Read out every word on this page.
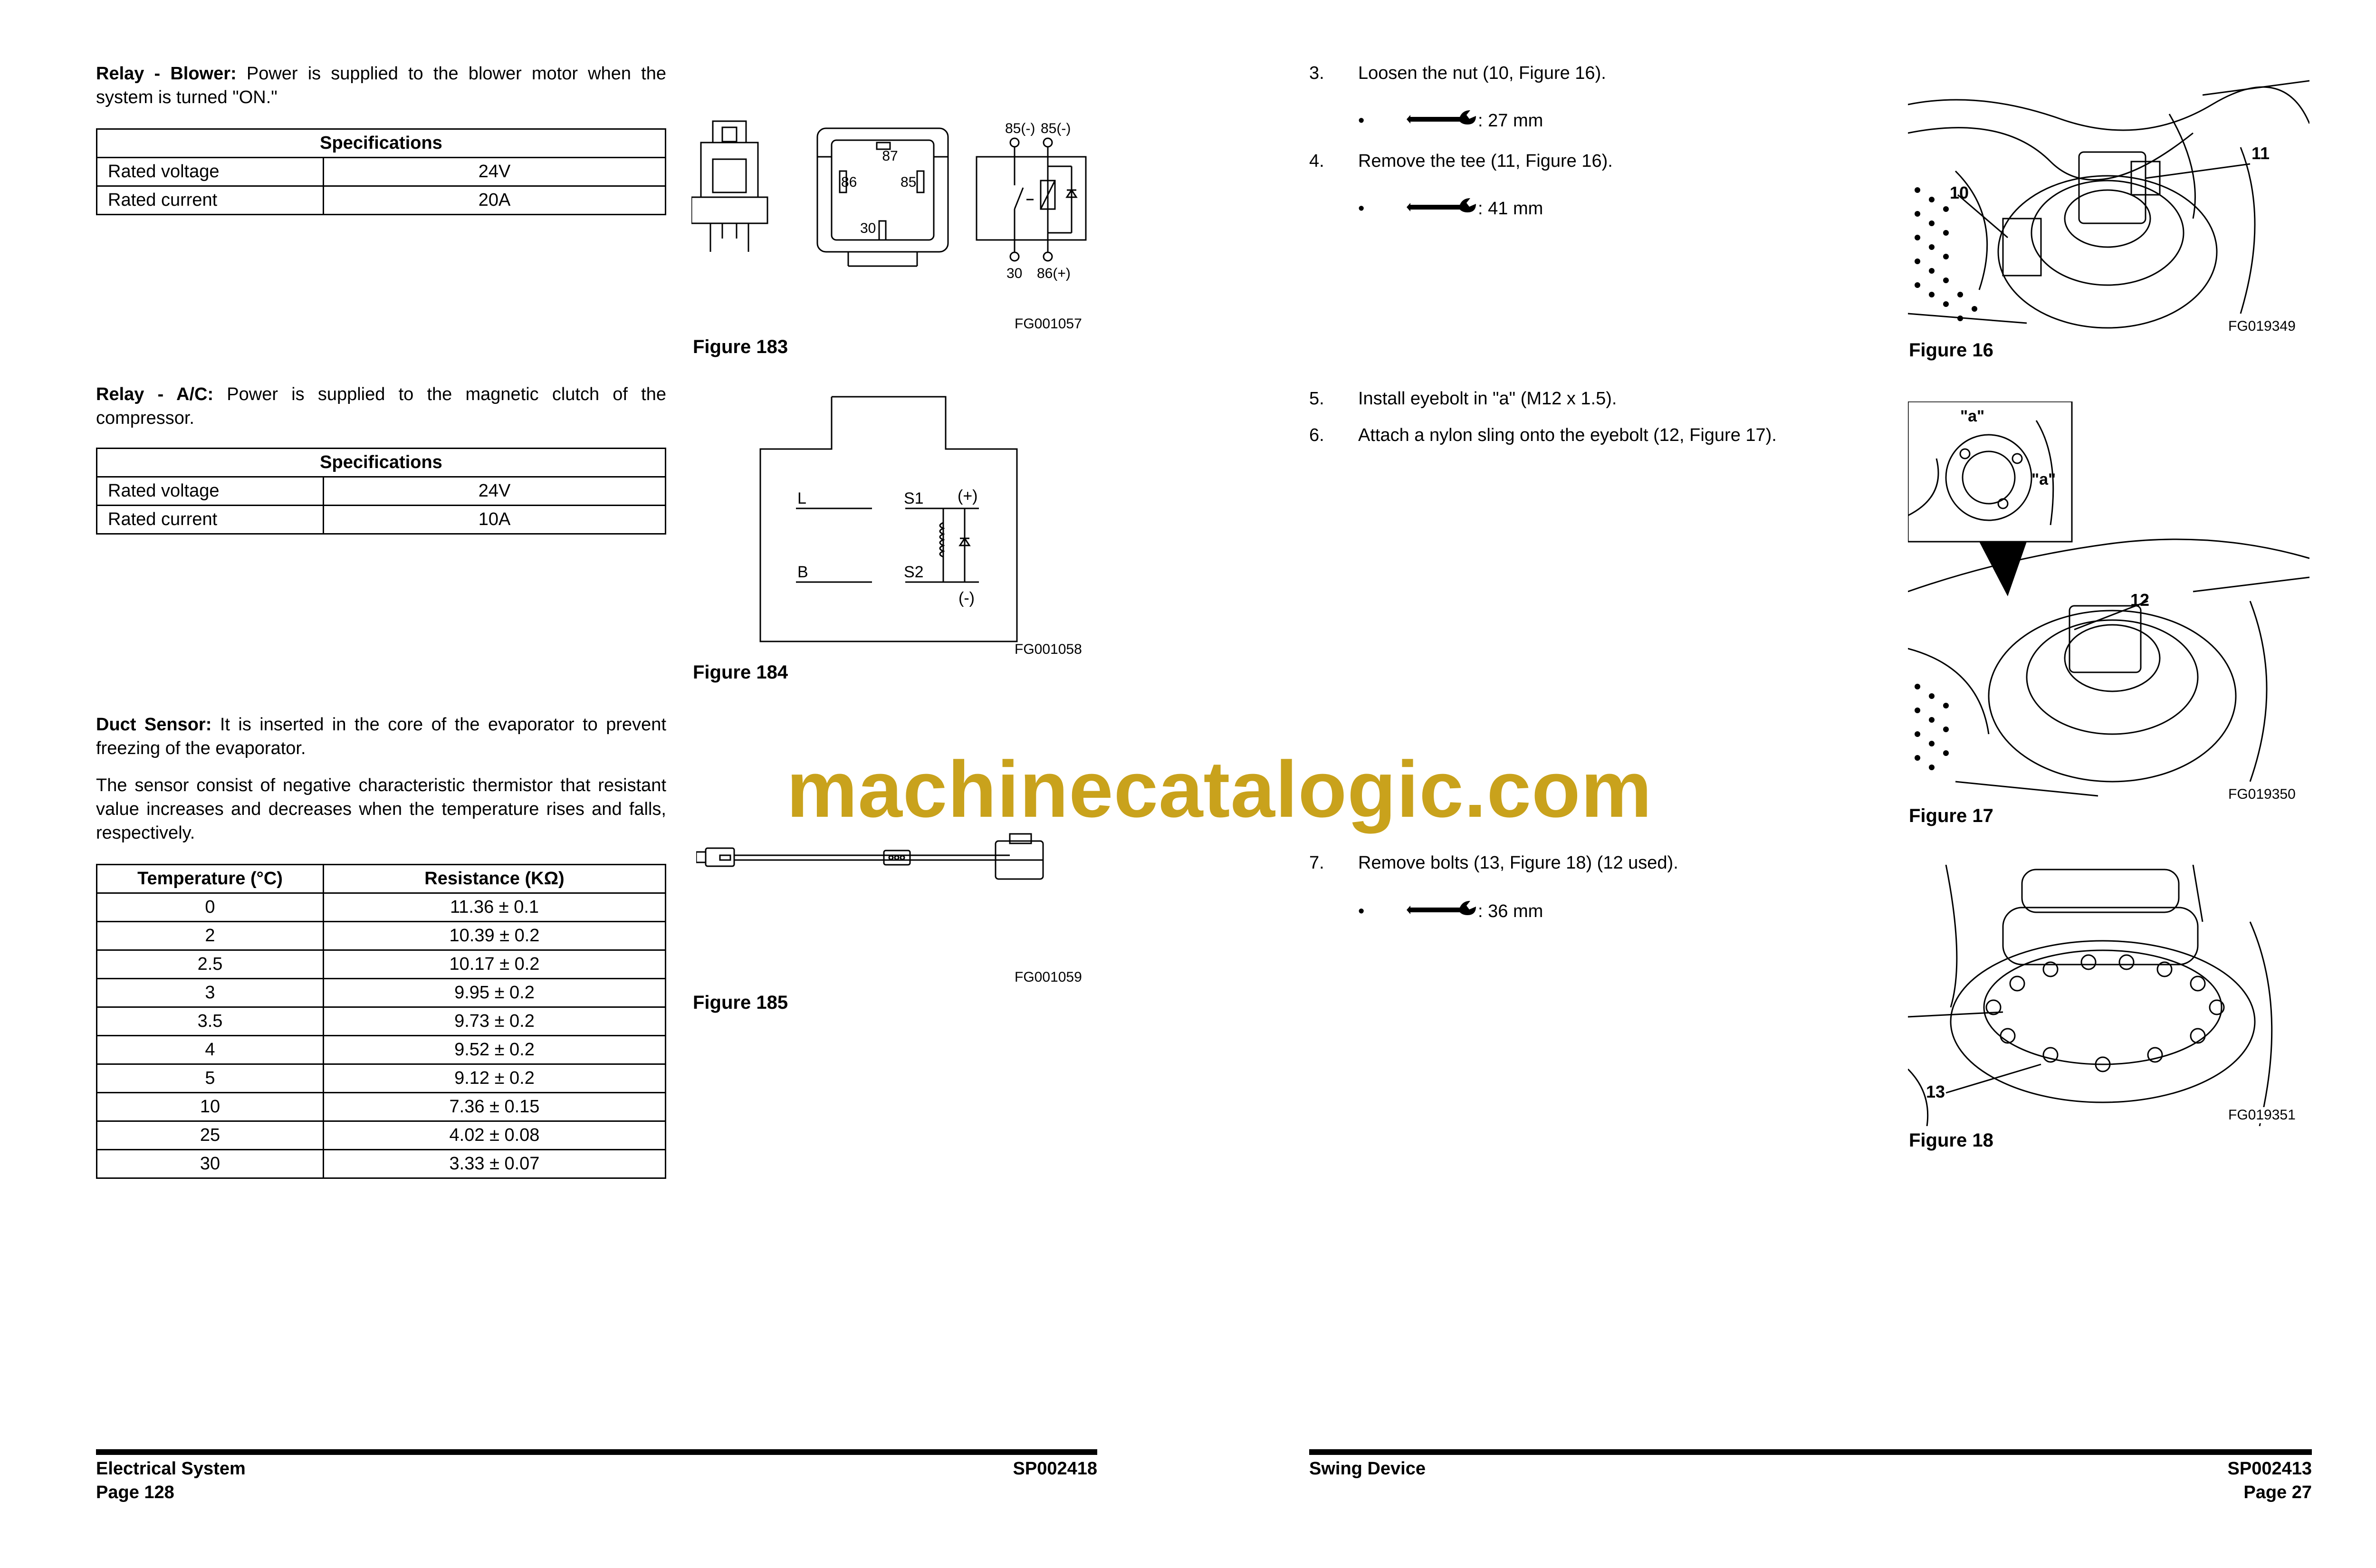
Relay - Blower: Power is supplied to the blower motor when the system is turned "ON."
Specifications	
Rated voltage	24V
Rated current	20A
87
85(-)
86	85
30
85(-)
30 86(+)
FG001057
Figure 183
Relay - A/C: Power is supplied to the magnetic clutch of the compressor.
Specifications	
Rated voltage	24V
Rated current	10A
L	S1 (+)
B	S2
(-)
FG001058
Figure 184
Duct Sensor: It is inserted in the core of the evaporator to prevent freezing of the evaporator.
The sensor consist of negative characteristic thermistor that resistant value increases and decreases when the temperature rises and falls, respectively.
Temperature (°C)	Resistance (KΩ)
0	11.36 ± 0.1
2	10.39 ± 0.2
2.5	10.17 ± 0.2
3	9.95 ± 0.2
3.5	9.73 ± 0.2
4	9.52 ± 0.2
5	9.12 ± 0.2
10	7.36 ± 0.15
25	4.02 ± 0.08
30	3.33 ± 0.07
FG001059
Figure 185
Electrical System
Page 128
SP002418
3. Loosen the nut (10, Figure 16).
•	: 27 mm
4. Remove the tee (11, Figure 16).
•	: 41 mm
11
10
FG019349
Figure 16
5. Install eyebolt in "a" (M12 x 1.5).
6. Attach a nylon sling onto the eyebolt (12, Figure 17).
"a"
"a"
12
FG019350
Figure 17
7. Remove bolts (13, Figure 18) (12 used).
•	: 36 mm
13
FG019351
Figure 18
Swing Device	SP002413
Page 27
machinecatalogic.com
